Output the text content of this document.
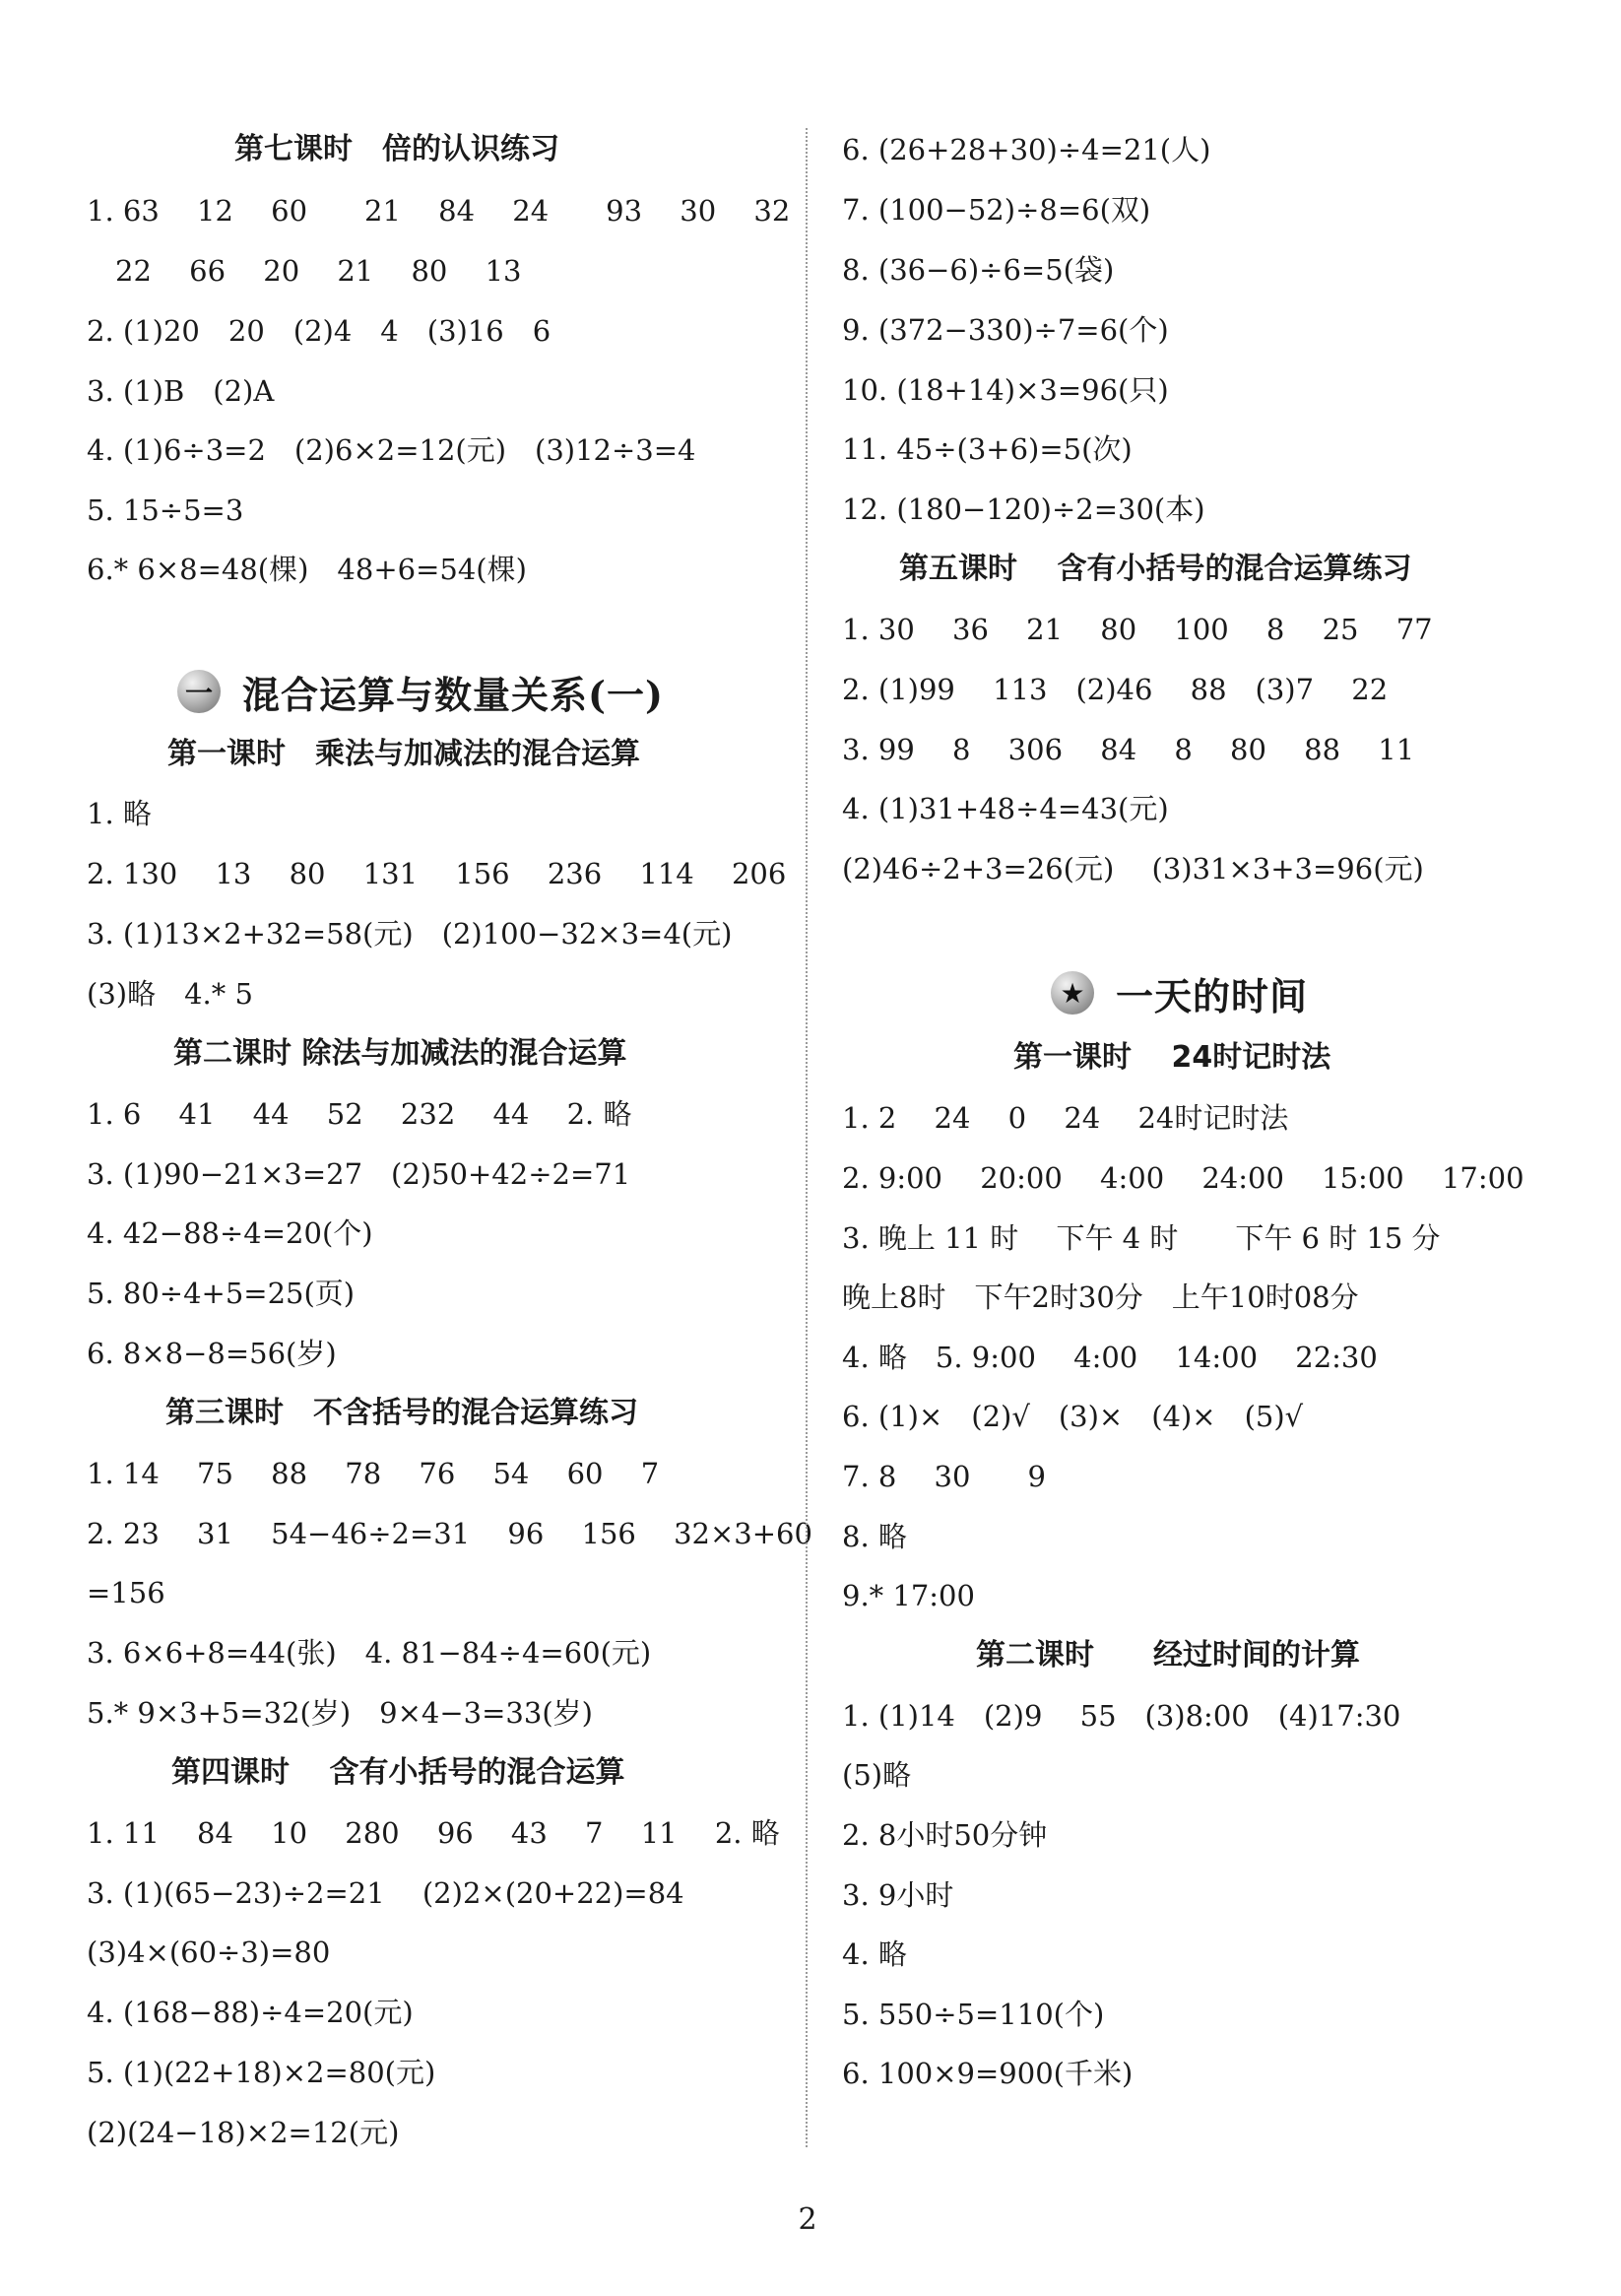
第七课时　倍的认识练习
1. 63　 12　 60　　21　 84　 24　　93　 30　 32
　22　 66　 20　 21　 80　 13
2. (1)20　20　(2)4　4　(3)16　6
3. (1)B　(2)A
4. (1)6÷3=2　(2)6×2=12(元)　(3)12÷3=4
5. 15÷5=3
6.* 6×8=48(棵)　48+6=54(棵)
一 混合运算与数量关系(一)
第一课时　乘法与加减法的混合运算
1. 略
2. 130　 13　 80　 131　 156　 236　 114　 206
3. (1)13×2+32=58(元)　(2)100−32×3=4(元)
(3)略　4.* 5
第二课时 除法与加减法的混合运算
1. 6　 41　 44　 52　 232　 44　 2. 略
3. (1)90−21×3=27　(2)50+42÷2=71
4. 42−88÷4=20(个)
5. 80÷4+5=25(页)
6. 8×8−8=56(岁)
第三课时　不含括号的混合运算练习
1. 14　 75　 88　 78　 76　 54　 60　 7
2. 23　 31　 54−46÷2=31　 96　 156　 32×3+60
=156
3. 6×6+8=44(张)　4. 81−84÷4=60(元)
5.* 9×3+5=32(岁)　9×4−3=33(岁)
第四课时　 含有小括号的混合运算
1. 11　 84　 10　 280　 96　 43　 7　 11　 2. 略
3. (1)(65−23)÷2=21　 (2)2×(20+22)=84
(3)4×(60÷3)=80
4. (168−88)÷4=20(元)
5. (1)(22+18)×2=80(元)
(2)(24−18)×2=12(元)
6. (26+28+30)÷4=21(人)
7. (100−52)÷8=6(双)
8. (36−6)÷6=5(袋)
9. (372−330)÷7=6(个)
10. (18+14)×3=96(只)
11. 45÷(3+6)=5(次)
12. (180−120)÷2=30(本)
第五课时　 含有小括号的混合运算练习
1. 30　 36　 21　 80　 100　 8　 25　 77
2. (1)99　 113　(2)46　 88　(3)7　 22
3. 99　 8　 306　 84　 8　 80　 88　 11
4. (1)31+48÷4=43(元)
(2)46÷2+3=26(元)　 (3)31×3+3=96(元)
★ 一天的时间
第一课时　 24时记时法
1. 2　 24　 0　 24　 24时记时法
2. 9:00　 20:00　 4:00　 24:00　 15:00　 17:00
3. 晚上 11 时　 下午 4 时　　下午 6 时 15 分
晚上8时　下午2时30分　上午10时08分
4. 略　5. 9:00　 4:00　 14:00　 22:30
6. (1)×　(2)√　(3)×　(4)×　(5)√
7. 8　 30　　9
8. 略
9.* 17:00
第二课时　　经过时间的计算
1. (1)14　(2)9　 55　(3)8:00　(4)17:30
(5)略
2. 8小时50分钟
3. 9小时
4. 略
5. 550÷5=110(个)
6. 100×9=900(千米)
2
